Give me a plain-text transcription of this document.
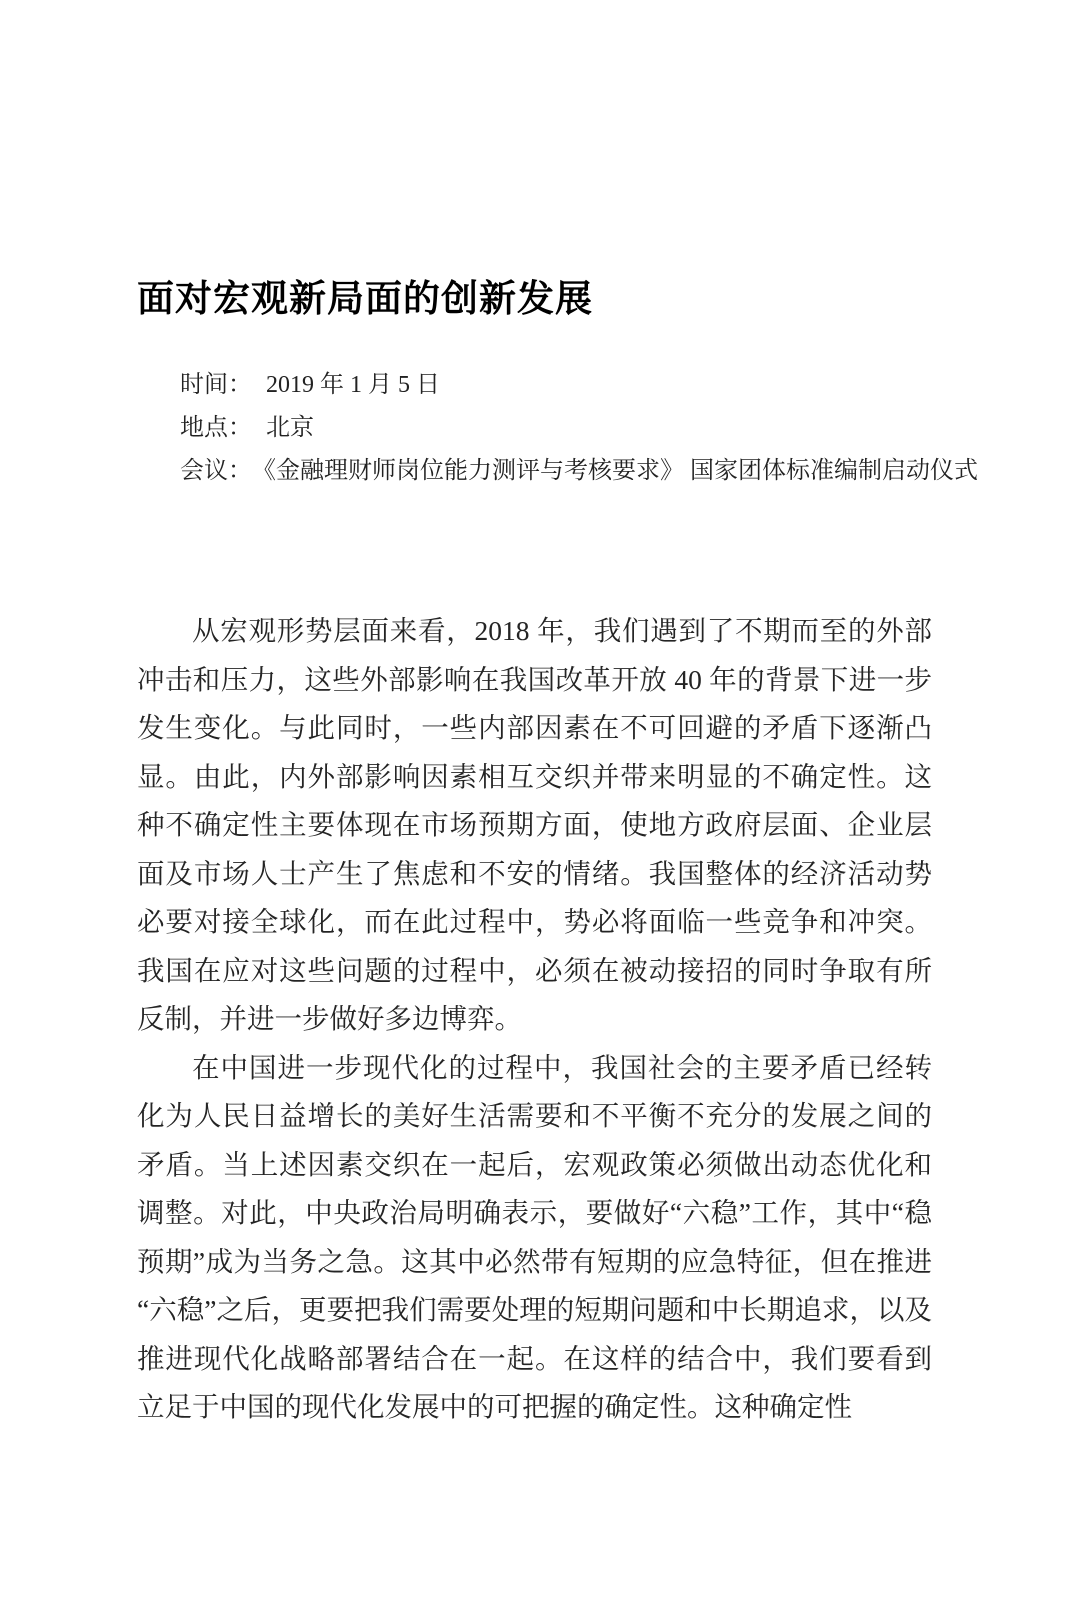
面对宏观新局面的创新发展
时间： 2019 年 1 月 5 日
地点： 北京
会议： 《金融理财师岗位能力测评与考核要求》 国家团体标准编制启动仪式

从宏观形势层面来看，2018 年，我们遇到了不期而至的外部冲击和压力，这些外部影响在我国改革开放 40 年的背景下进一步发生变化。与此同时，一些内部因素在不可回避的矛盾下逐渐凸显。由此，内外部影响因素相互交织并带来明显的不确定性。这种不确定性主要体现在市场预期方面，使地方政府层面、企业层面及市场人士产生了焦虑和不安的情绪。我国整体的经济活动势必要对接全球化，而在此过程中，势必将面临一些竞争和冲突。我国在应对这些问题的过程中，必须在被动接招的同时争取有所反制，并进一步做好多边博弈。

在中国进一步现代化的过程中，我国社会的主要矛盾已经转化为人民日益增长的美好生活需要和不平衡不充分的发展之间的矛盾。当上述因素交织在一起后，宏观政策必须做出动态优化和调整。对此，中央政治局明确表示，要做好“六稳”工作，其中“稳预期”成为当务之急。这其中必然带有短期的应急特征，但在推进“六稳”之后，更要把我们需要处理的短期问题和中长期追求，以及推进现代化战略部署结合在一起。在这样的结合中，我们要看到立足于中国的现代化发展中的可把握的确定性。这种确定性
